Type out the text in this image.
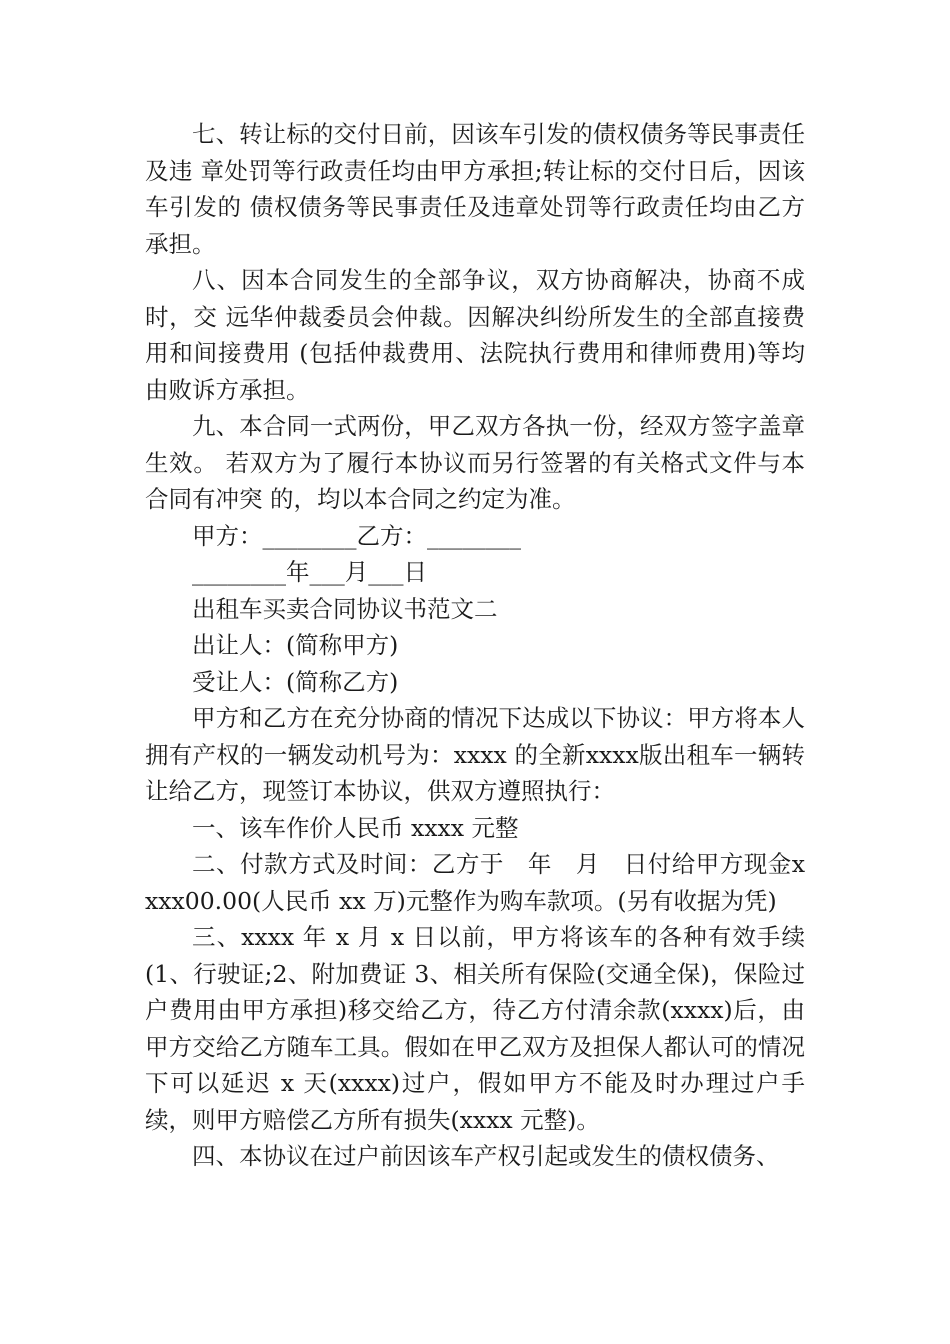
七、转让标的交付日前，因该车引发的债权债务等民事责任及违 章处罚等行政责任均由甲方承担;转让标的交付日后，因该车引发的 债权债务等民事责任及违章处罚等行政责任均由乙方承担。

八、因本合同发生的全部争议，双方协商解决，协商不成时，交 远华仲裁委员会仲裁。因解决纠纷所发生的全部直接费用和间接费用 (包括仲裁费用、法院执行费用和律师费用)等均由败诉方承担。

九、本合同一式两份，甲乙双方各执一份，经双方签字盖章生效。 若双方为了履行本协议而另行签署的有关格式文件与本合同有冲突 的，均以本合同之约定为准。

甲方：________乙方：________

________年___月___日

出租车买卖合同协议书范文二

出让人：(简称甲方)

受让人：(简称乙方)

甲方和乙方在充分协商的情况下达成以下协议：甲方将本人拥有产权的一辆发动机号为：xxxx 的全新xxxx版出租车一辆转让给乙方，现签订本协议，供双方遵照执行：

一、该车作价人民币 xxxx 元整

二、付款方式及时间：乙方于　年　月　日付给甲方现金xxxx00.00(人民币 xx 万)元整作为购车款项。(另有收据为凭)

三、xxxx 年 x 月 x 日以前，甲方将该车的各种有效手续(1、行驶证;2、附加费证 3、相关所有保险(交通全保)，保险过户费用由甲方承担)移交给乙方，待乙方付清余款(xxxx)后，由甲方交给乙方随车工具。假如在甲乙双方及担保人都认可的情况下可以延迟 x 天(xxxx)过户，假如甲方不能及时办理过户手续，则甲方赔偿乙方所有损失(xxxx 元整)。

四、本协议在过户前因该车产权引起或发生的债权债务、
